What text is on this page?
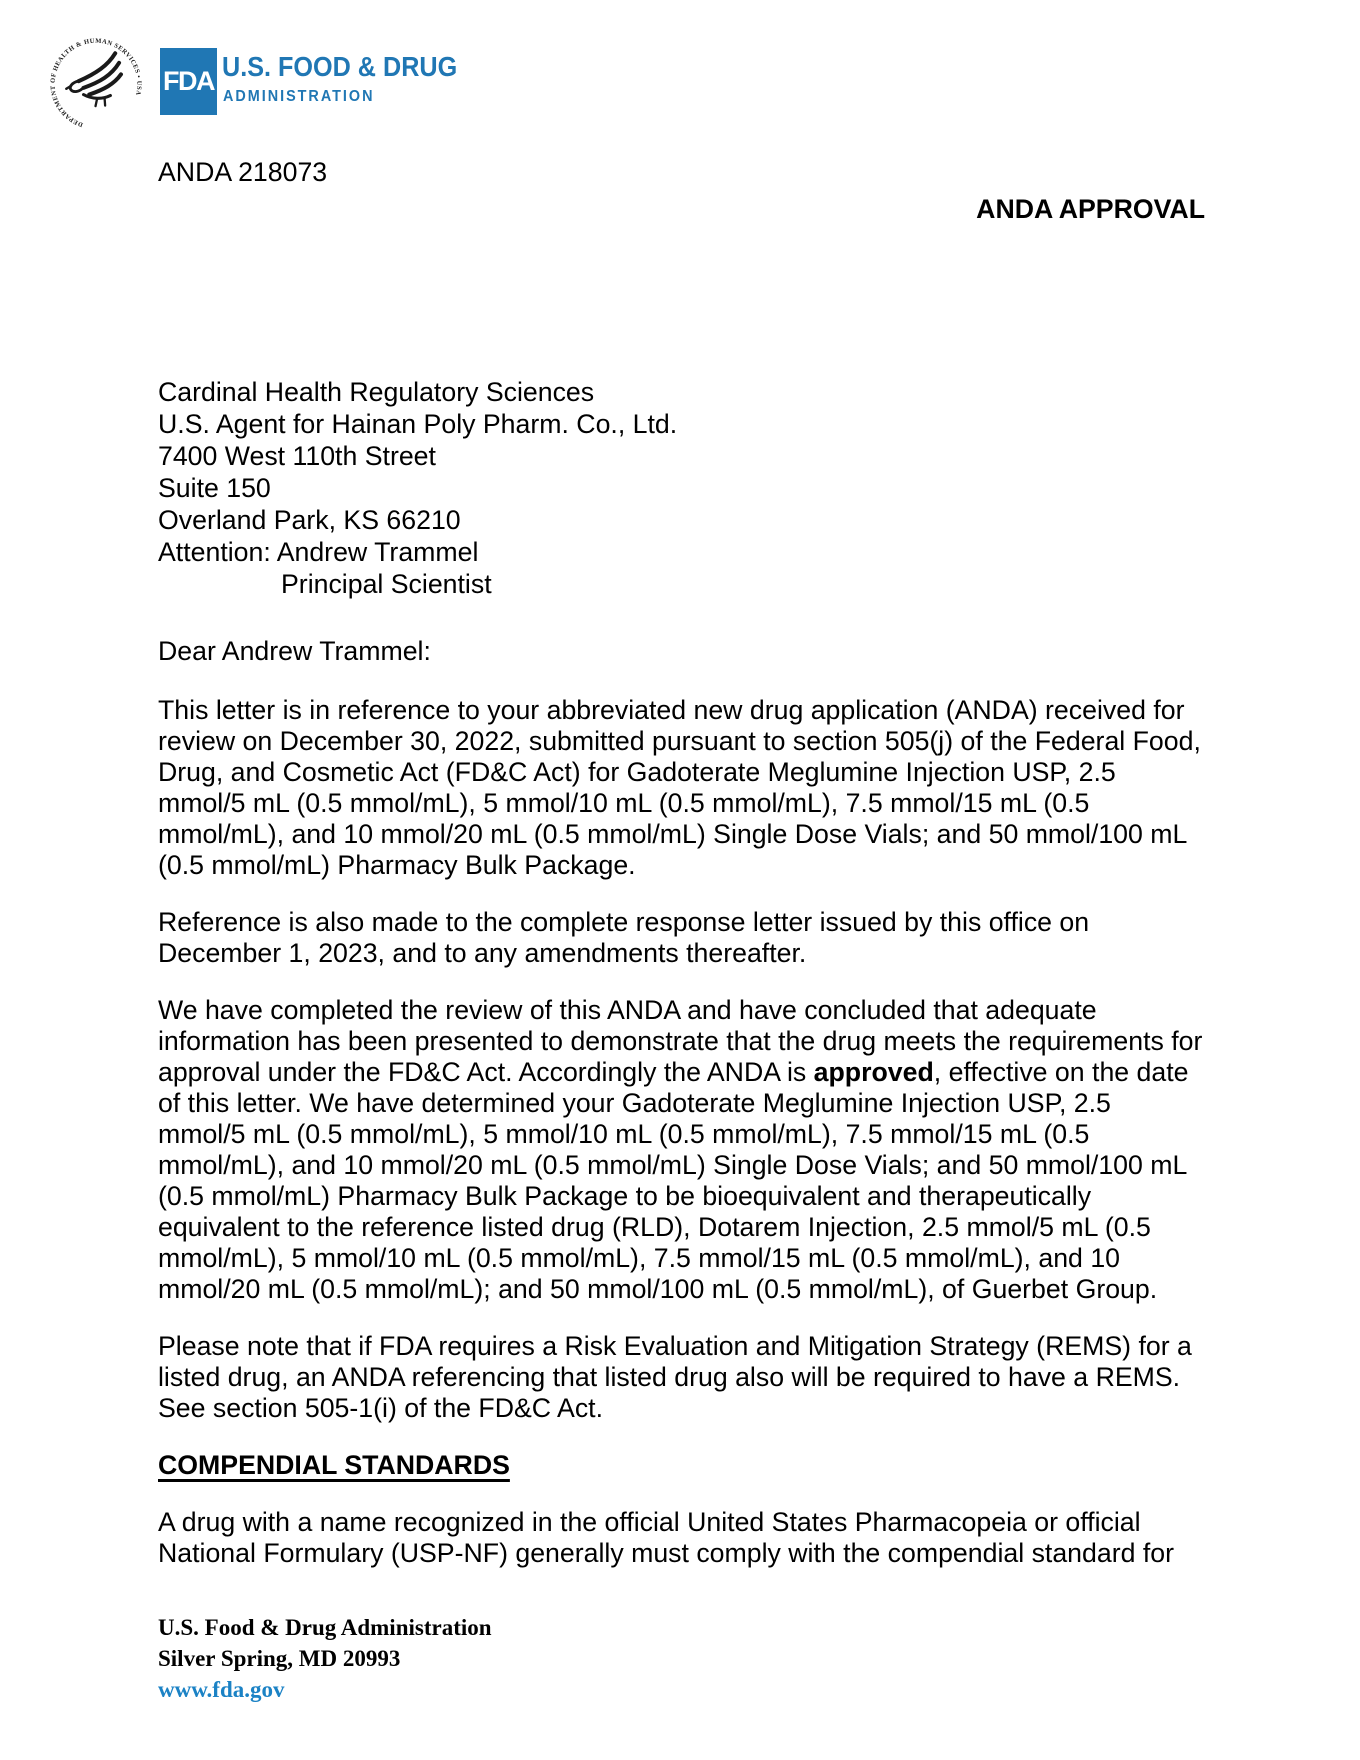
DEPARTMENT OF HEALTH & HUMAN SERVICES • USA FDA U.S. FOOD & DRUG
ADMINISTRATION
ANDA 218073
ANDA APPROVAL
Cardinal Health Regulatory Sciences
U.S. Agent for Hainan Poly Pharm. Co., Ltd.
7400 West 110th Street
Suite 150
Overland Park, KS 66210
Attention: Andrew Trammel
Principal Scientist

Dear Andrew Trammel:

This letter is in reference to your abbreviated new drug application (ANDA) received for review on December 30, 2022, submitted pursuant to section 505(j) of the Federal Food, Drug, and Cosmetic Act (FD&C Act) for Gadoterate Meglumine Injection USP, 2.5 mmol/5 mL (0.5 mmol/mL), 5 mmol/10 mL (0.5 mmol/mL), 7.5 mmol/15 mL (0.5 mmol/mL), and 10 mmol/20 mL (0.5 mmol/mL) Single Dose Vials; and 50 mmol/100 mL (0.5 mmol/mL) Pharmacy Bulk Package.

Reference is also made to the complete response letter issued by this office on December 1, 2023, and to any amendments thereafter.

We have completed the review of this ANDA and have concluded that adequate information has been presented to demonstrate that the drug meets the requirements for approval under the FD&C Act. Accordingly the ANDA is approved, effective on the date of this letter. We have determined your Gadoterate Meglumine Injection USP, 2.5 mmol/5 mL (0.5 mmol/mL), 5 mmol/10 mL (0.5 mmol/mL), 7.5 mmol/15 mL (0.5 mmol/mL), and 10 mmol/20 mL (0.5 mmol/mL) Single Dose Vials; and 50 mmol/100 mL (0.5 mmol/mL) Pharmacy Bulk Package to be bioequivalent and therapeutically equivalent to the reference listed drug (RLD), Dotarem Injection, 2.5 mmol/5 mL (0.5 mmol/mL), 5 mmol/10 mL (0.5 mmol/mL), 7.5 mmol/15 mL (0.5 mmol/mL), and 10 mmol/20 mL (0.5 mmol/mL); and 50 mmol/100 mL (0.5 mmol/mL), of Guerbet Group.

Please note that if FDA requires a Risk Evaluation and Mitigation Strategy (REMS) for a listed drug, an ANDA referencing that listed drug also will be required to have a REMS. See section 505-1(i) of the FD&C Act.

COMPENDIAL STANDARDS

A drug with a name recognized in the official United States Pharmacopeia or official National Formulary (USP-NF) generally must comply with the compendial standard for

U.S. Food & Drug Administration
Silver Spring, MD 20993
www.fda.gov
